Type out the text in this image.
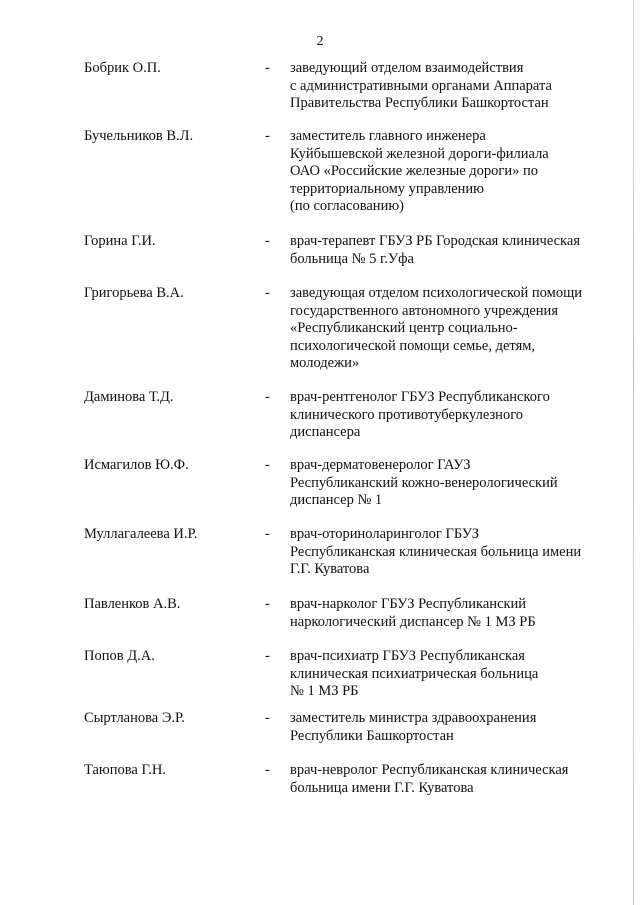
2
Бобрик О.П.	- заведующий отделом взаимодействия
с административными органами Аппарата
Правительства Республики Башкортостан
Бучельников В.Л.	- заместитель главного инженера
Куйбышевской железной дороги-филиала
ОАО «Российские железные дороги» по
территориальному управлению
(по согласованию)
Горина Г.И.	- врач-терапевт ГБУЗ РБ Городская клиническая
больница № 5 г.Уфа
Григорьева В.А.	- заведующая отделом психологической помощи
государственного автономного учреждения
«Республиканский центр социально-
психологической помощи семье, детям,
молодежи»
Даминова Т.Д.	- врач-рентгенолог ГБУЗ Республиканского
клинического противотуберкулезного
диспансера
Исмагилов Ю.Ф.	- врач-дерматовенеролог ГАУЗ
Республиканский кожно-венерологический
диспансер № 1
Муллагалеева И.Р.	- врач-оториноларинголог ГБУЗ
Республиканская клиническая больница имени
Г.Г. Куватова
Павленков А.В.	- врач-нарколог ГБУЗ Республиканский
наркологический диспансер № 1 МЗ РБ
Попов Д.А.	- врач-психиатр ГБУЗ Республиканская
клиническая психиатрическая больница
№ 1 МЗ РБ
Сыртланова Э.Р.	- заместитель министра здравоохранения
Республики Башкортостан
Таюпова Г.Н.	- врач-невролог Республиканская клиническая
больница имени Г.Г. Куватова
